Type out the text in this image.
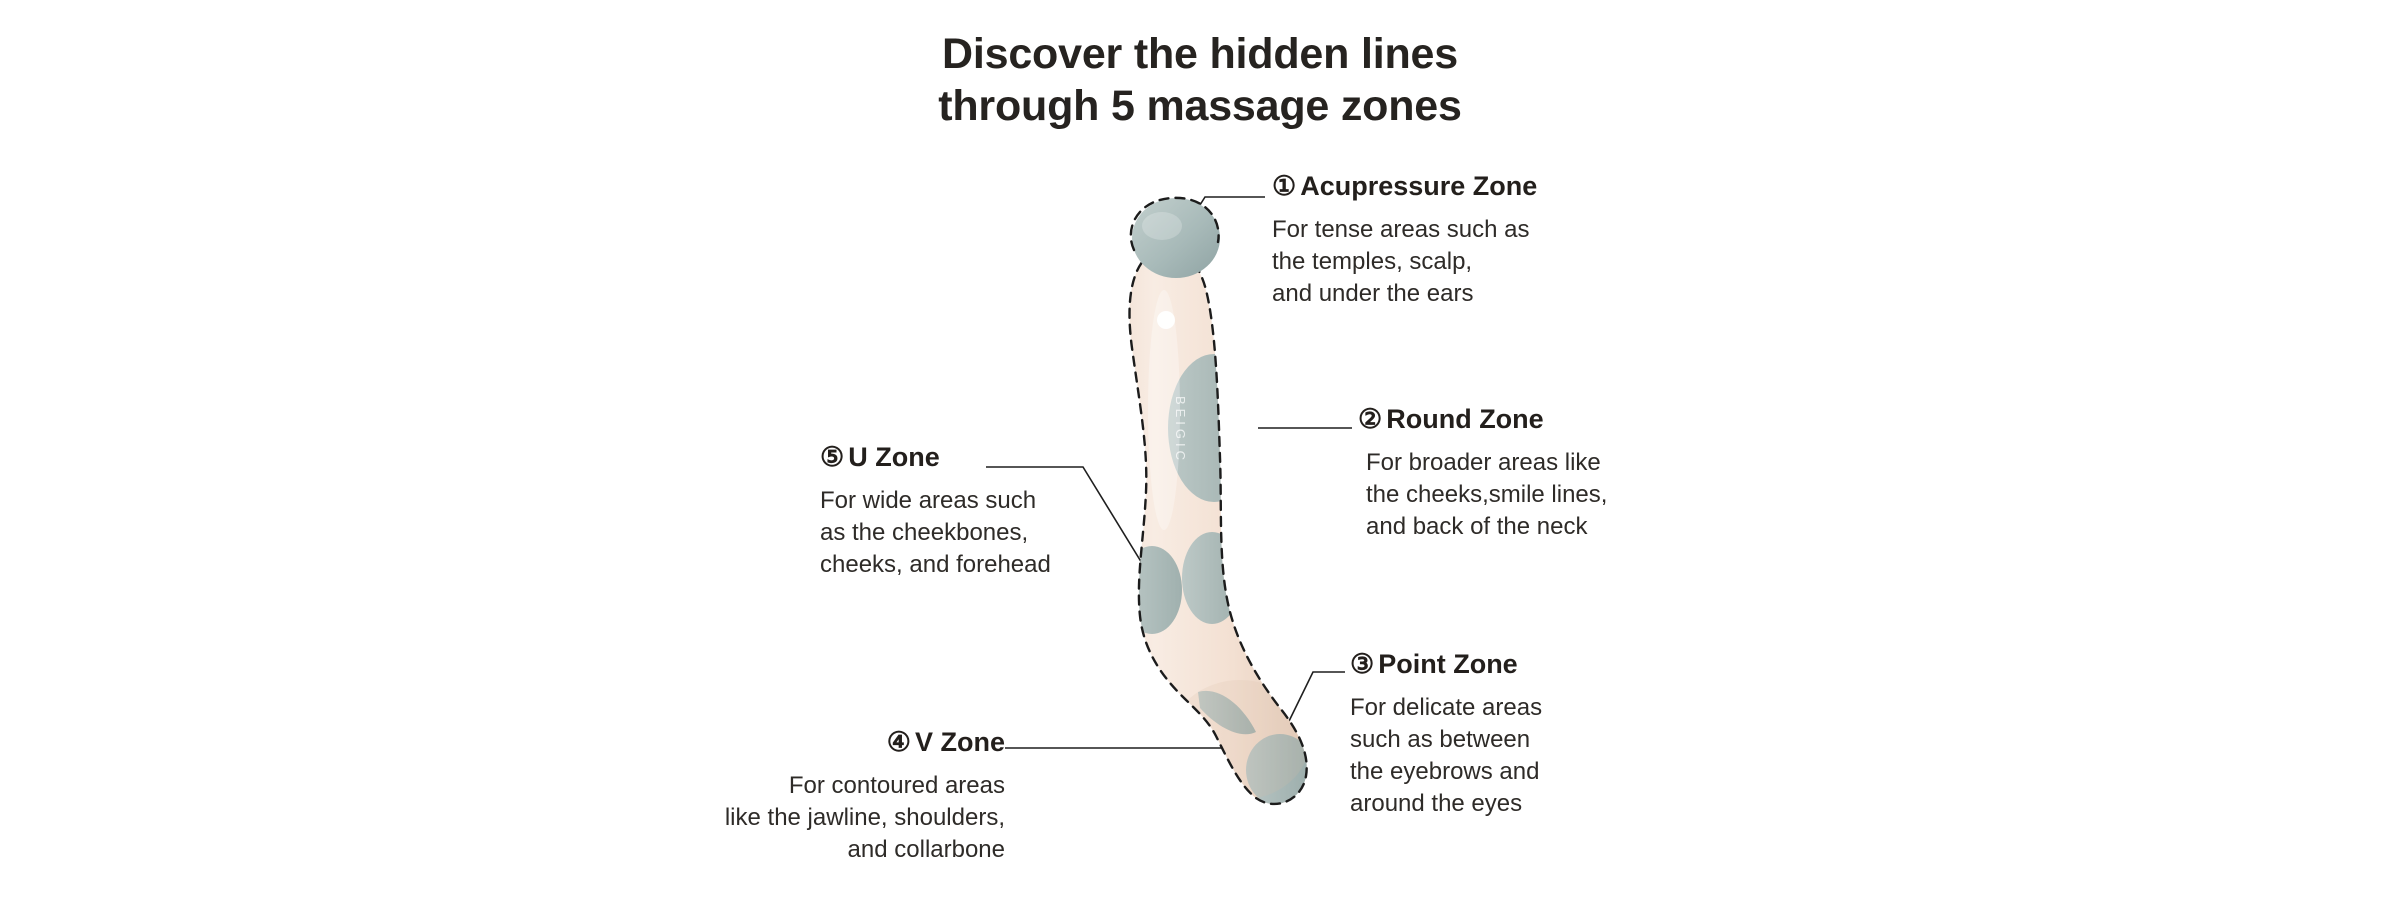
Discover the hidden lines
through 5 massage zones
BEIGIC
① Acupressure Zone
For tense areas such as
the temples, scalp,
and under the ears
② Round Zone
For broader areas like
the cheeks,smile lines,
and back of the neck
③ Point Zone
For delicate areas
such as between
the eyebrows and
around the eyes
④ V Zone
For contoured areas
like the jawline, shoulders,
and collarbone
⑤ U Zone
For wide areas such
as the cheekbones,
cheeks, and forehead
